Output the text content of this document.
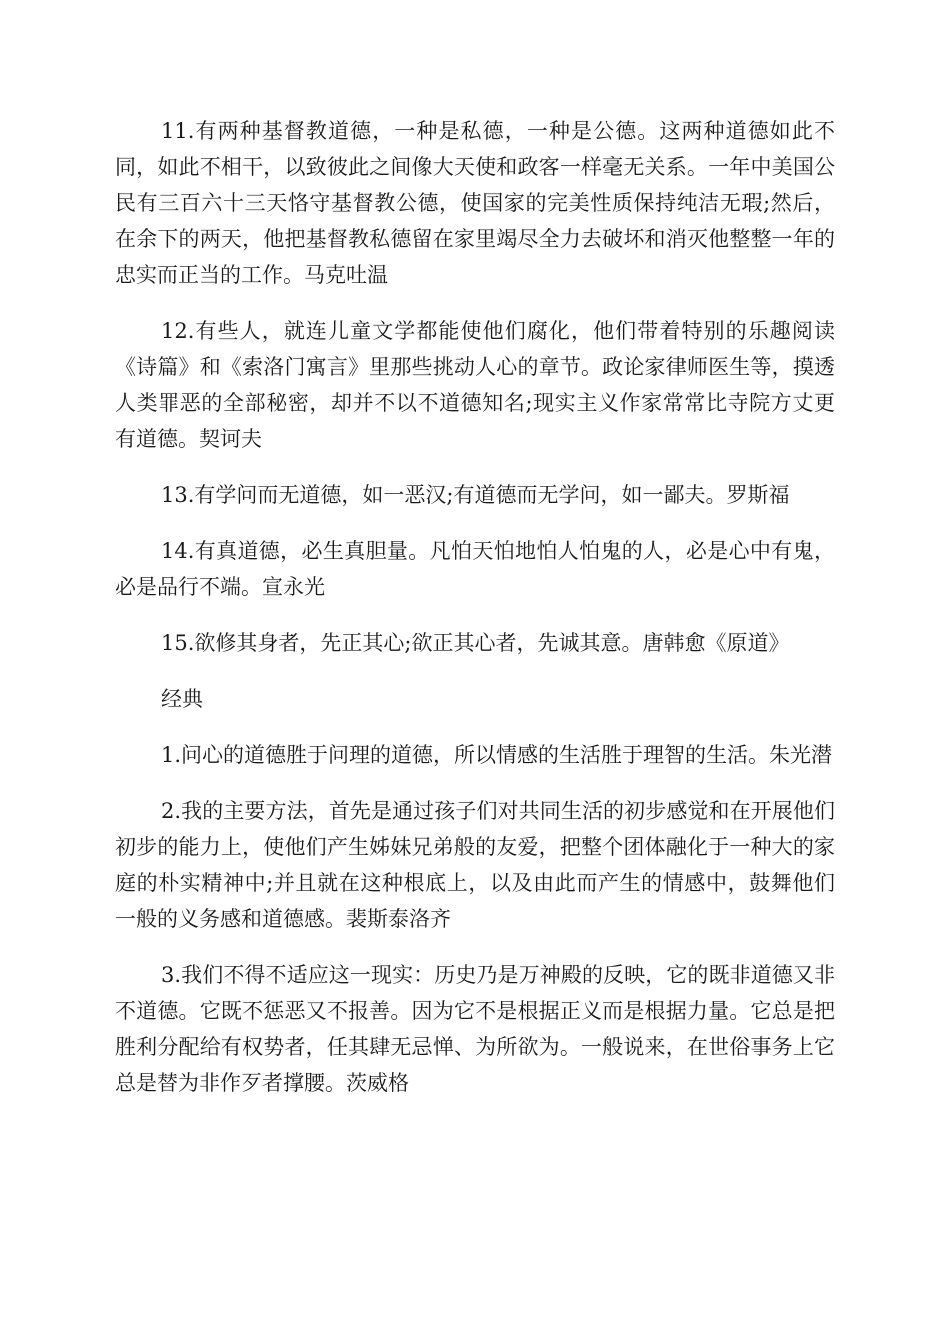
11.有两种基督教道德，一种是私德，一种是公德。这两种道德如此不同，如此不相干，以致彼此之间像大天使和政客一样毫无关系。一年中美国公民有三百六十三天恪守基督教公德，使国家的完美性质保持纯洁无瑕;然后，在余下的两天，他把基督教私德留在家里竭尽全力去破坏和消灭他整整一年的忠实而正当的工作。马克吐温

12.有些人，就连儿童文学都能使他们腐化，他们带着特别的乐趣阅读《诗篇》和《索洛门寓言》里那些挑动人心的章节。政论家律师医生等，摸透人类罪恶的全部秘密，却并不以不道德知名;现实主义作家常常比寺院方丈更有道德。契诃夫

13.有学问而无道德，如一恶汉;有道德而无学问，如一鄙夫。罗斯福

14.有真道德，必生真胆量。凡怕天怕地怕人怕鬼的人，必是心中有鬼，必是品行不端。宣永光

15.欲修其身者，先正其心;欲正其心者，先诚其意。唐韩愈《原道》

经典

1.问心的道德胜于问理的道德，所以情感的生活胜于理智的生活。朱光潜

2.我的主要方法，首先是通过孩子们对共同生活的初步感觉和在开展他们初步的能力上，使他们产生姊妹兄弟般的友爱，把整个团体融化于一种大的家庭的朴实精神中;并且就在这种根底上，以及由此而产生的情感中，鼓舞他们一般的义务感和道德感。裴斯泰洛齐

3.我们不得不适应这一现实：历史乃是万神殿的反映，它的既非道德又非不道德。它既不惩恶又不报善。因为它不是根据正义而是根据力量。它总是把胜利分配给有权势者，任其肆无忌惮、为所欲为。一般说来，在世俗事务上它总是替为非作歹者撑腰。茨威格
